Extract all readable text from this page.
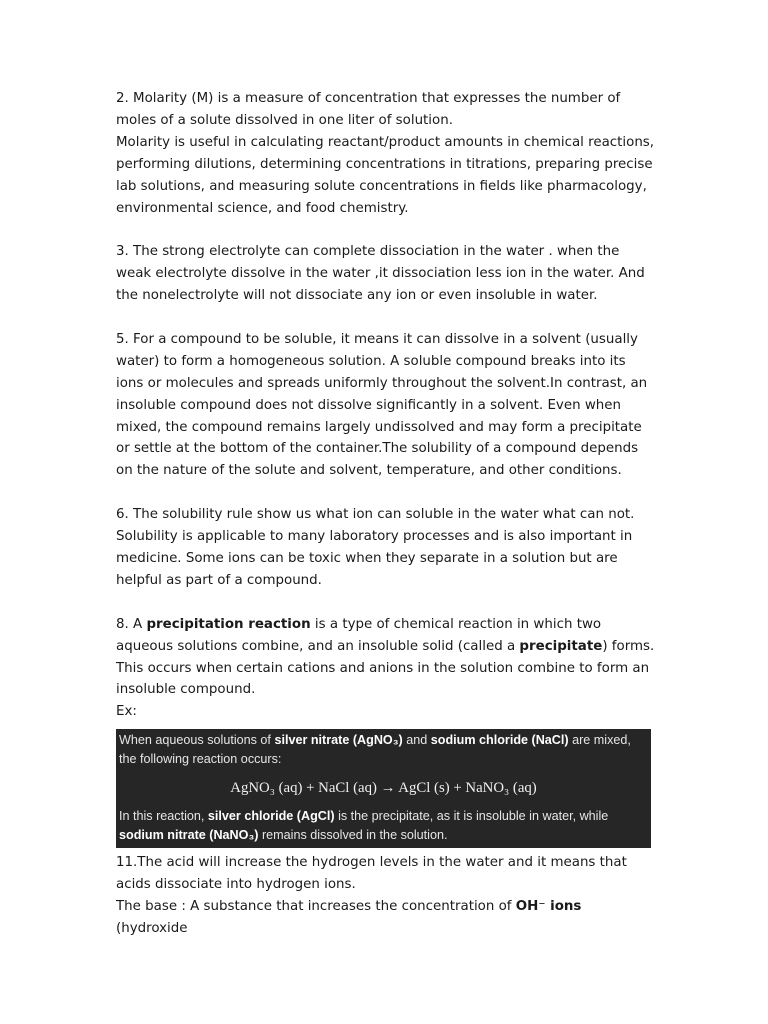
2. Molarity (M) is a measure of concentration that expresses the number of moles of a solute dissolved in one liter of solution.

Molarity is useful in calculating reactant/product amounts in chemical reactions, performing dilutions, determining concentrations in titrations, preparing precise lab solutions, and measuring solute concentrations in fields like pharmacology, environmental science, and food chemistry.

3. The strong electrolyte can complete dissociation in the water . when the weak electrolyte dissolve in the water ,it dissociation less ion in the water. And the nonelectrolyte will not dissociate any ion or even insoluble in water.

5. For a compound to be soluble, it means it can dissolve in a solvent (usually water) to form a homogeneous solution. A soluble compound breaks into its ions or molecules and spreads uniformly throughout the solvent.In contrast, an insoluble compound does not dissolve significantly in a solvent. Even when mixed, the compound remains largely undissolved and may form a precipitate or settle at the bottom of the container.The solubility of a compound depends on the nature of the solute and solvent, temperature, and other conditions.

6. The solubility rule show us what ion can soluble in the water what can not. Solubility is applicable to many laboratory processes and is also important in medicine. Some ions can be toxic when they separate in a solution but are helpful as part of a compound.

8. A precipitation reaction is a type of chemical reaction in which two aqueous solutions combine, and an insoluble solid (called a precipitate) forms. This occurs when certain cations and anions in the solution combine to form an insoluble compound.

Ex:

When aqueous solutions of silver nitrate (AgNO₃) and sodium chloride (NaCl) are mixed, the following reaction occurs:
AgNO₃ (aq) + NaCl (aq) → AgCl (s) + NaNO₃ (aq)
In this reaction, silver chloride (AgCl) is the precipitate, as it is insoluble in water, while sodium nitrate (NaNO₃) remains dissolved in the solution.

11.The acid will increase the hydrogen levels in the water and it means that acids dissociate into hydrogen ions.

The base : A substance that increases the concentration of OH⁻ ions (hydroxide
